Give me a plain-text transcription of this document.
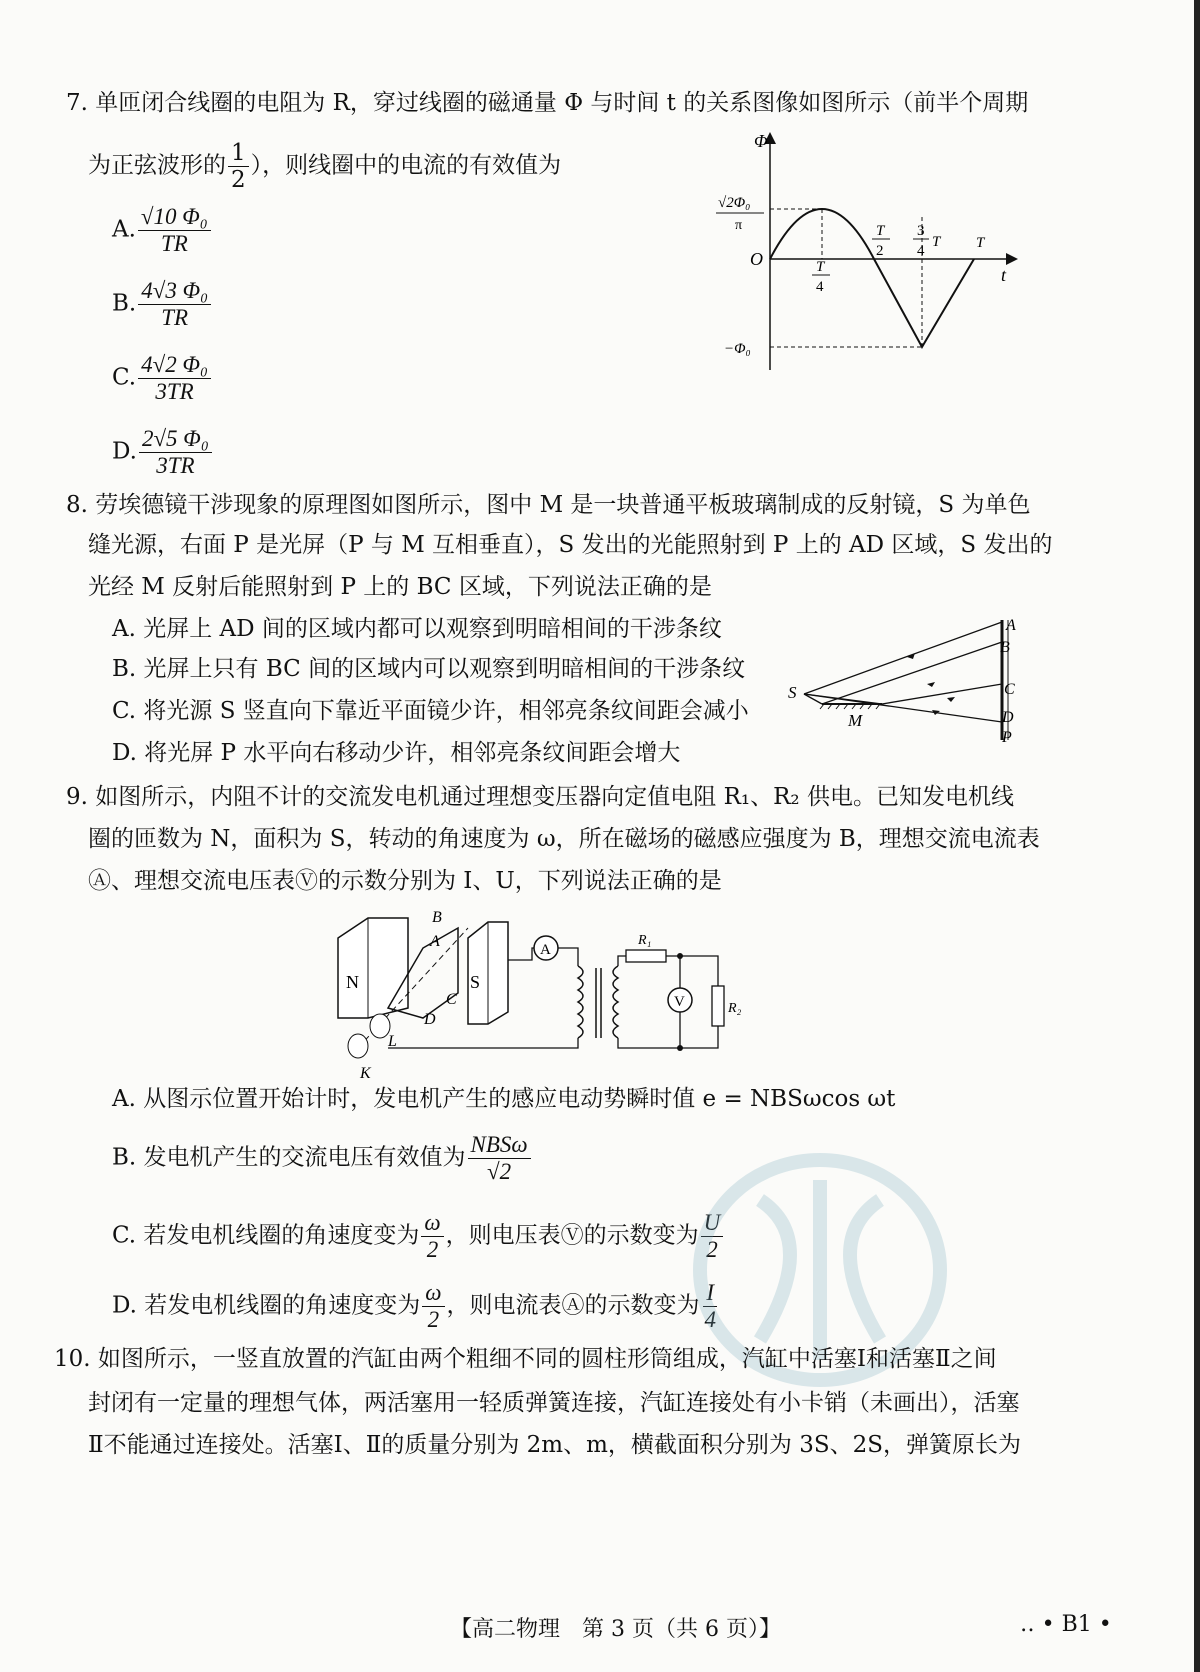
7. 单匝闭合线圈的电阻为 R，穿过线圈的磁通量 Φ 与时间 t 的关系图像如图所示（前半个周期
为正弦波形的 $\frac{1}{2}$ ），则线圈中的电流的有效值为
A. $\frac{\text{√10 Φ₀}}{TR}$
B. $\frac{\text{4√3 Φ₀}}{TR}$
C. $\frac{\text{4√2 Φ₀}}{3TR}$
D. $\frac{\text{2√5 Φ₀}}{3TR}$
Φ
t
O
√2Φ₀
π
−Φ₀
T
4
T
2
3
4
T T
8. 劳埃德镜干涉现象的原理图如图所示，图中 M 是一块普通平板玻璃制成的反射镜，S 为单色
缝光源，右面 P 是光屏（P 与 M 互相垂直），S 发出的光能照射到 P 上的 AD 区域，S 发出的
光经 M 反射后能照射到 P 上的 BC 区域，下列说法正确的是
A. 光屏上 AD 间的区域内都可以观察到明暗相间的干涉条纹
B. 光屏上只有 BC 间的区域内可以观察到明暗相间的干涉条纹
C. 将光源 S 竖直向下靠近平面镜少许，相邻亮条纹间距会减小
D. 将光屏 P 水平向右移动少许，相邻亮条纹间距会增大
S
M
A
B
C
D
P
9. 如图所示，内阻不计的交流发电机通过理想变压器向定值电阻 R₁、R₂ 供电。已知发电机线
圈的匝数为 N，面积为 S，转动的角速度为 ω，所在磁场的磁感应强度为 B，理想交流电流表
Ⓐ、理想交流电压表Ⓥ的示数分别为 I、U，下列说法正确的是
N	S
A
B
C
D
K
L
A
R₁
R₂
V
A. 从图示位置开始计时，发电机产生的感应电动势瞬时值 e = NBSωcos ωt
B. 发电机产生的交流电压有效值为 $\frac{\text{NBSω}}{√2}$
C. 若发电机线圈的角速度变为 $\frac{\omega}{2}$ ，则电压表Ⓥ的示数变为 $\frac{U}{2}$
D. 若发电机线圈的角速度变为 $\frac{\omega}{2}$ ，则电流表Ⓐ的示数变为 $\frac{I}{4}$
10. 如图所示，一竖直放置的汽缸由两个粗细不同的圆柱形筒组成，汽缸中活塞Ⅰ和活塞Ⅱ之间
封闭有一定量的理想气体，两活塞用一轻质弹簧连接，汽缸连接处有小卡销（未画出），活塞
Ⅱ不能通过连接处。活塞Ⅰ、Ⅱ的质量分别为 2m、m，横截面积分别为 3S、2S，弹簧原长为
【高二物理　第 3 页（共 6 页）】	‥ • B1 •
